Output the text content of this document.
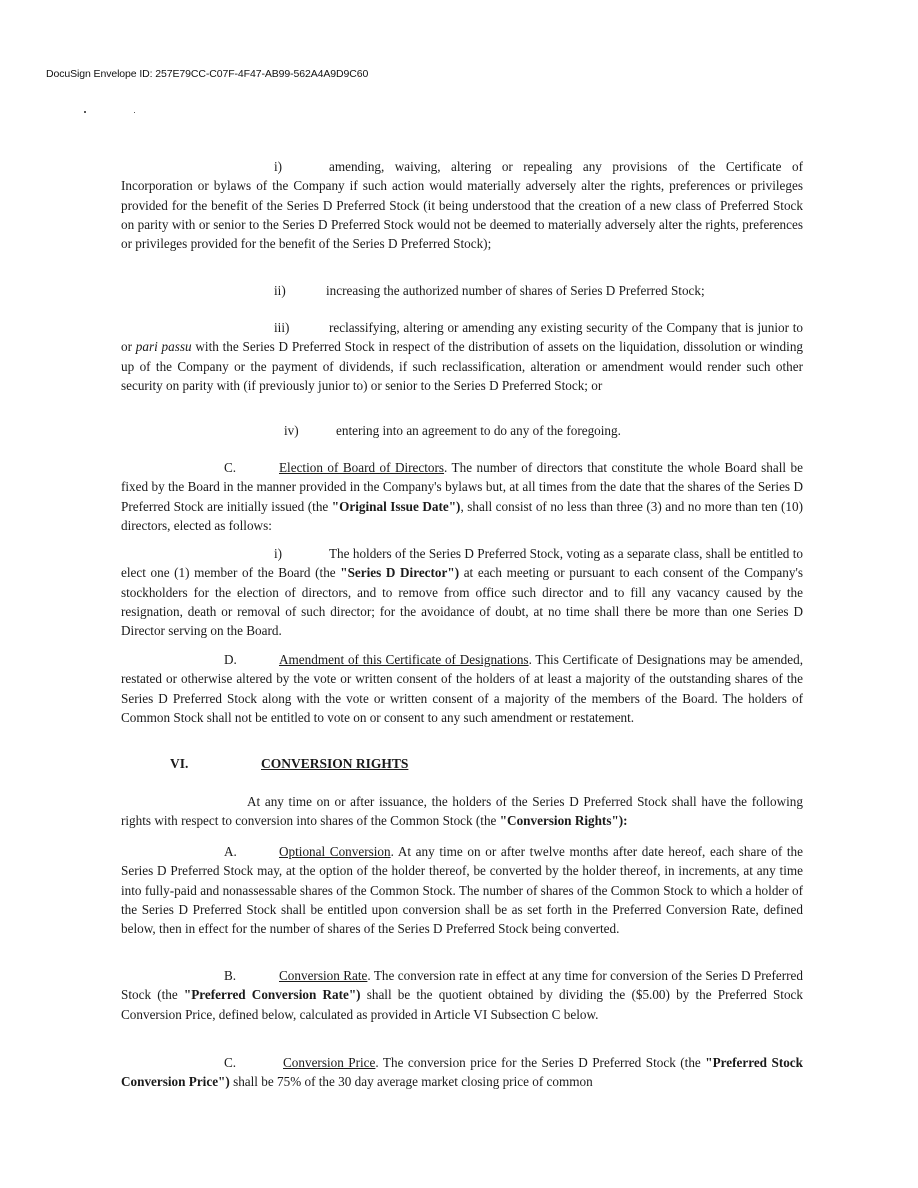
DocuSign Envelope ID: 257E79CC-C07F-4F47-AB99-562A4A9D9C60

i)	amending, waiving, altering or repealing any provisions of the Certificate of Incorporation or bylaws of the Company if such action would materially adversely alter the rights, preferences or privileges provided for the benefit of the Series D Preferred Stock (it being understood that the creation of a new class of Preferred Stock on parity with or senior to the Series D Preferred Stock would not be deemed to materially adversely alter the rights, preferences or privileges provided for the benefit of the Series D Preferred Stock);

ii)	increasing the authorized number of shares of Series D Preferred Stock;

iii)	reclassifying, altering or amending any existing security of the Company that is junior to or pari passu with the Series D Preferred Stock in respect of the distribution of assets on the liquidation, dissolution or winding up of the Company or the payment of dividends, if such reclassification, alteration or amendment would render such other security on parity with (if previously junior to) or senior to the Series D Preferred Stock; or

iv)	entering into an agreement to do any of the foregoing.

C.	Election of Board of Directors. The number of directors that constitute the whole Board shall be fixed by the Board in the manner provided in the Company's bylaws but, at all times from the date that the shares of the Series D Preferred Stock are initially issued (the "Original Issue Date"), shall consist of no less than three (3) and no more than ten (10) directors, elected as follows:

i)	The holders of the Series D Preferred Stock, voting as a separate class, shall be entitled to elect one (1) member of the Board (the "Series D Director") at each meeting or pursuant to each consent of the Company's stockholders for the election of directors, and to remove from office such director and to fill any vacancy caused by the resignation, death or removal of such director; for the avoidance of doubt, at no time shall there be more than one Series D Director serving on the Board.

D.	Amendment of this Certificate of Designations. This Certificate of Designations may be amended, restated or otherwise altered by the vote or written consent of the holders of at least a majority of the outstanding shares of the Series D Preferred Stock along with the vote or written consent of a majority of the members of the Board. The holders of Common Stock shall not be entitled to vote on or consent to any such amendment or restatement.

VI.	CONVERSION RIGHTS

At any time on or after issuance, the holders of the Series D Preferred Stock shall have the following rights with respect to conversion into shares of the Common Stock (the "Conversion Rights"):

A.	Optional Conversion. At any time on or after twelve months after date hereof, each share of the Series D Preferred Stock may, at the option of the holder thereof, be converted by the holder thereof, in increments, at any time into fully-paid and nonassessable shares of the Common Stock. The number of shares of the Common Stock to which a holder of the Series D Preferred Stock shall be entitled upon conversion shall be as set forth in the Preferred Conversion Rate, defined below, then in effect for the number of shares of the Series D Preferred Stock being converted.

B.	Conversion Rate. The conversion rate in effect at any time for conversion of the Series D Preferred Stock (the "Preferred Conversion Rate") shall be the quotient obtained by dividing the ($5.00) by the Preferred Stock Conversion Price, defined below, calculated as provided in Article VI Subsection C below.

C.	Conversion Price. The conversion price for the Series D Preferred Stock (the "Preferred Stock Conversion Price") shall be 75% of the 30 day average market closing price of common
